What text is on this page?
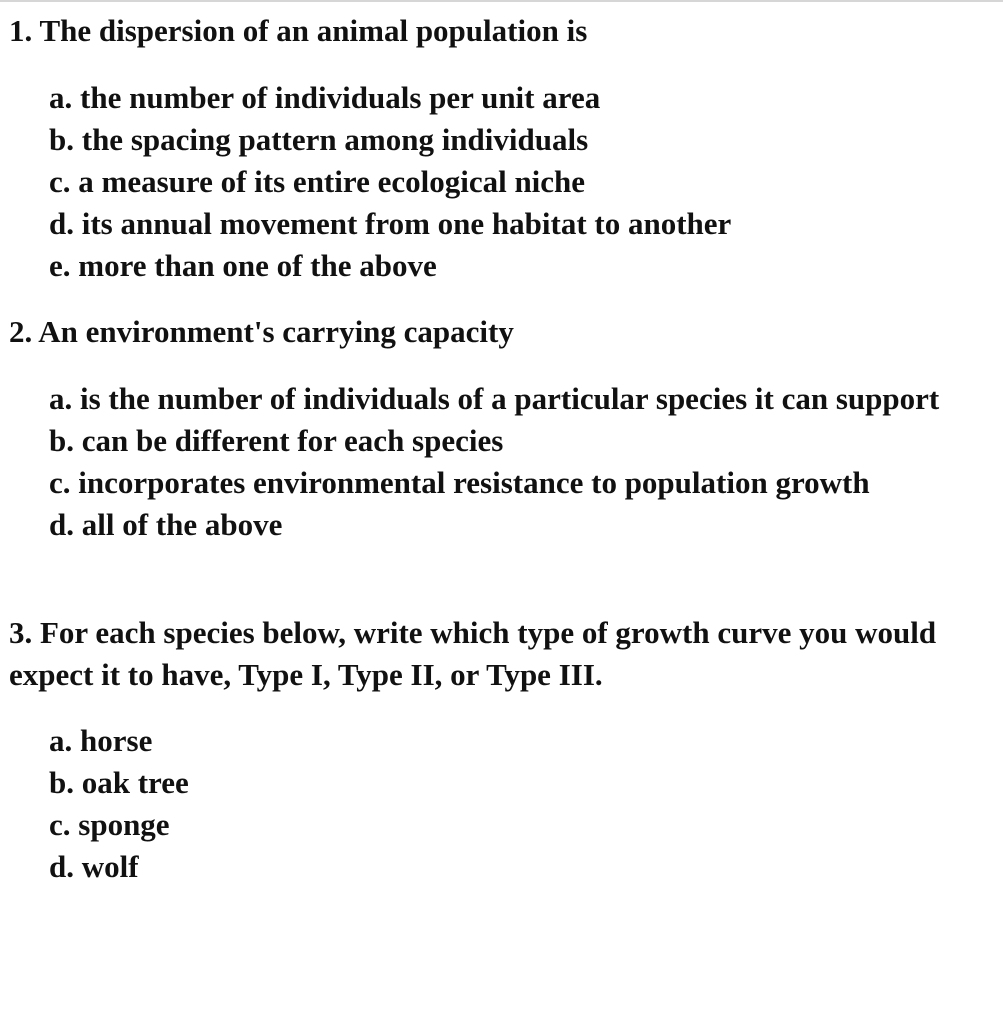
1. The dispersion of an animal population is

a. the number of individuals per unit area
b. the spacing pattern among individuals
c. a measure of its entire ecological niche
d. its annual movement from one habitat to another
e. more than one of the above

2. An environment's carrying capacity

a. is the number of individuals of a particular species it can support
b. can be different for each species
c. incorporates environmental resistance to population growth
d. all of the above

3. For each species below, write which type of growth curve you would expect it to have, Type I, Type II, or Type III.

a. horse
b. oak tree
c. sponge
d. wolf
